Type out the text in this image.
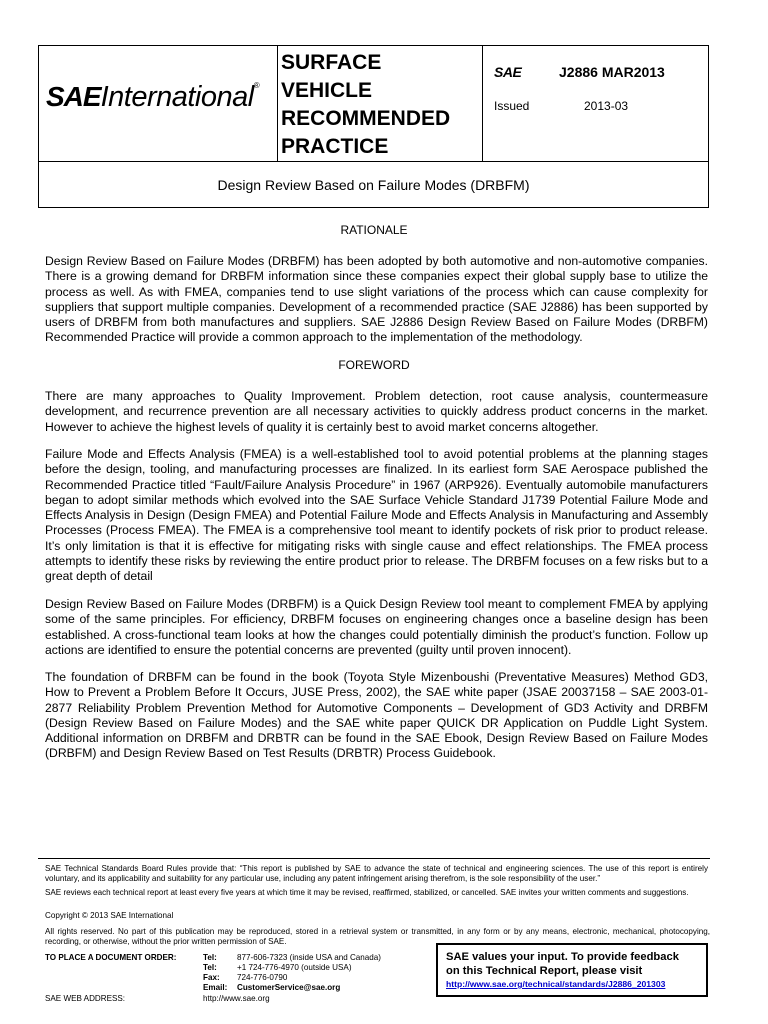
SAEInternational®
SURFACE
VEHICLE
RECOMMENDED
PRACTICE
SAE	J2886 MAR2013
Issued	2013-03
Design Review Based on Failure Modes (DRBFM)
RATIONALE

Design Review Based on Failure Modes (DRBFM) has been adopted by both automotive and non-automotive companies. There is a growing demand for DRBFM information since these companies expect their global supply base to utilize the process as well. As with FMEA, companies tend to use slight variations of the process which can cause complexity for suppliers that support multiple companies. Development of a recommended practice (SAE J2886) has been supported by users of DRBFM from both manufactures and suppliers. SAE J2886 Design Review Based on Failure Modes (DRBFM) Recommended Practice will provide a common approach to the implementation of the methodology.

FOREWORD

There are many approaches to Quality Improvement. Problem detection, root cause analysis, countermeasure development, and recurrence prevention are all necessary activities to quickly address product concerns in the market. However to achieve the highest levels of quality it is certainly best to avoid market concerns altogether.

Failure Mode and Effects Analysis (FMEA) is a well-established tool to avoid potential problems at the planning stages before the design, tooling, and manufacturing processes are finalized. In its earliest form SAE Aerospace published the Recommended Practice titled “Fault/Failure Analysis Procedure” in 1967 (ARP926). Eventually automobile manufacturers began to adopt similar methods which evolved into the SAE Surface Vehicle Standard J1739 Potential Failure Mode and Effects Analysis in Design (Design FMEA) and Potential Failure Mode and Effects Analysis in Manufacturing and Assembly Processes (Process FMEA). The FMEA is a comprehensive tool meant to identify pockets of risk prior to product release. It’s only limitation is that it is effective for mitigating risks with single cause and effect relationships. The FMEA process attempts to identify these risks by reviewing the entire product prior to release. The DRBFM focuses on a few risks but to a great depth of detail

Design Review Based on Failure Modes (DRBFM) is a Quick Design Review tool meant to complement FMEA by applying some of the same principles. For efficiency, DRBFM focuses on engineering changes once a baseline design has been established. A cross-functional team looks at how the changes could potentially diminish the product’s function. Follow up actions are identified to ensure the potential concerns are prevented (guilty until proven innocent).

The foundation of DRBFM can be found in the book (Toyota Style Mizenboushi (Preventative Measures) Method GD3, How to Prevent a Problem Before It Occurs, JUSE Press, 2002), the SAE white paper (JSAE 20037158 – SAE 2003-01-2877 Reliability Problem Prevention Method for Automotive Components – Development of GD3 Activity and DRBFM (Design Review Based on Failure Modes) and the SAE white paper QUICK DR Application on Puddle Light System. Additional information on DRBFM and DRBTR can be found in the SAE Ebook, Design Review Based on Failure Modes (DRBFM) and Design Review Based on Test Results (DRBTR) Process Guidebook.

SAE Technical Standards Board Rules provide that: “This report is published by SAE to advance the state of technical and engineering sciences. The use of this report is entirely voluntary, and its applicability and suitability for any particular use, including any patent infringement arising therefrom, is the sole responsibility of the user.”

SAE reviews each technical report at least every five years at which time it may be revised, reaffirmed, stabilized, or cancelled. SAE invites your written comments and suggestions.

Copyright © 2013 SAE International

All rights reserved. No part of this publication may be reproduced, stored in a retrieval system or transmitted, in any form or by any means, electronic, mechanical, photocopying, recording, or otherwise, without the prior written permission of SAE.

TO PLACE A DOCUMENT ORDER:	Tel: 877-606-7323 (inside USA and Canada)
Tel: +1 724-776-4970 (outside USA)
Fax: 724-776-0790
Email: CustomerService@sae.org
SAE WEB ADDRESS:	http://www.sae.org
SAE values your input. To provide feedback
on this Technical Report, please visit
http://www.sae.org/technical/standards/J2886_201303
